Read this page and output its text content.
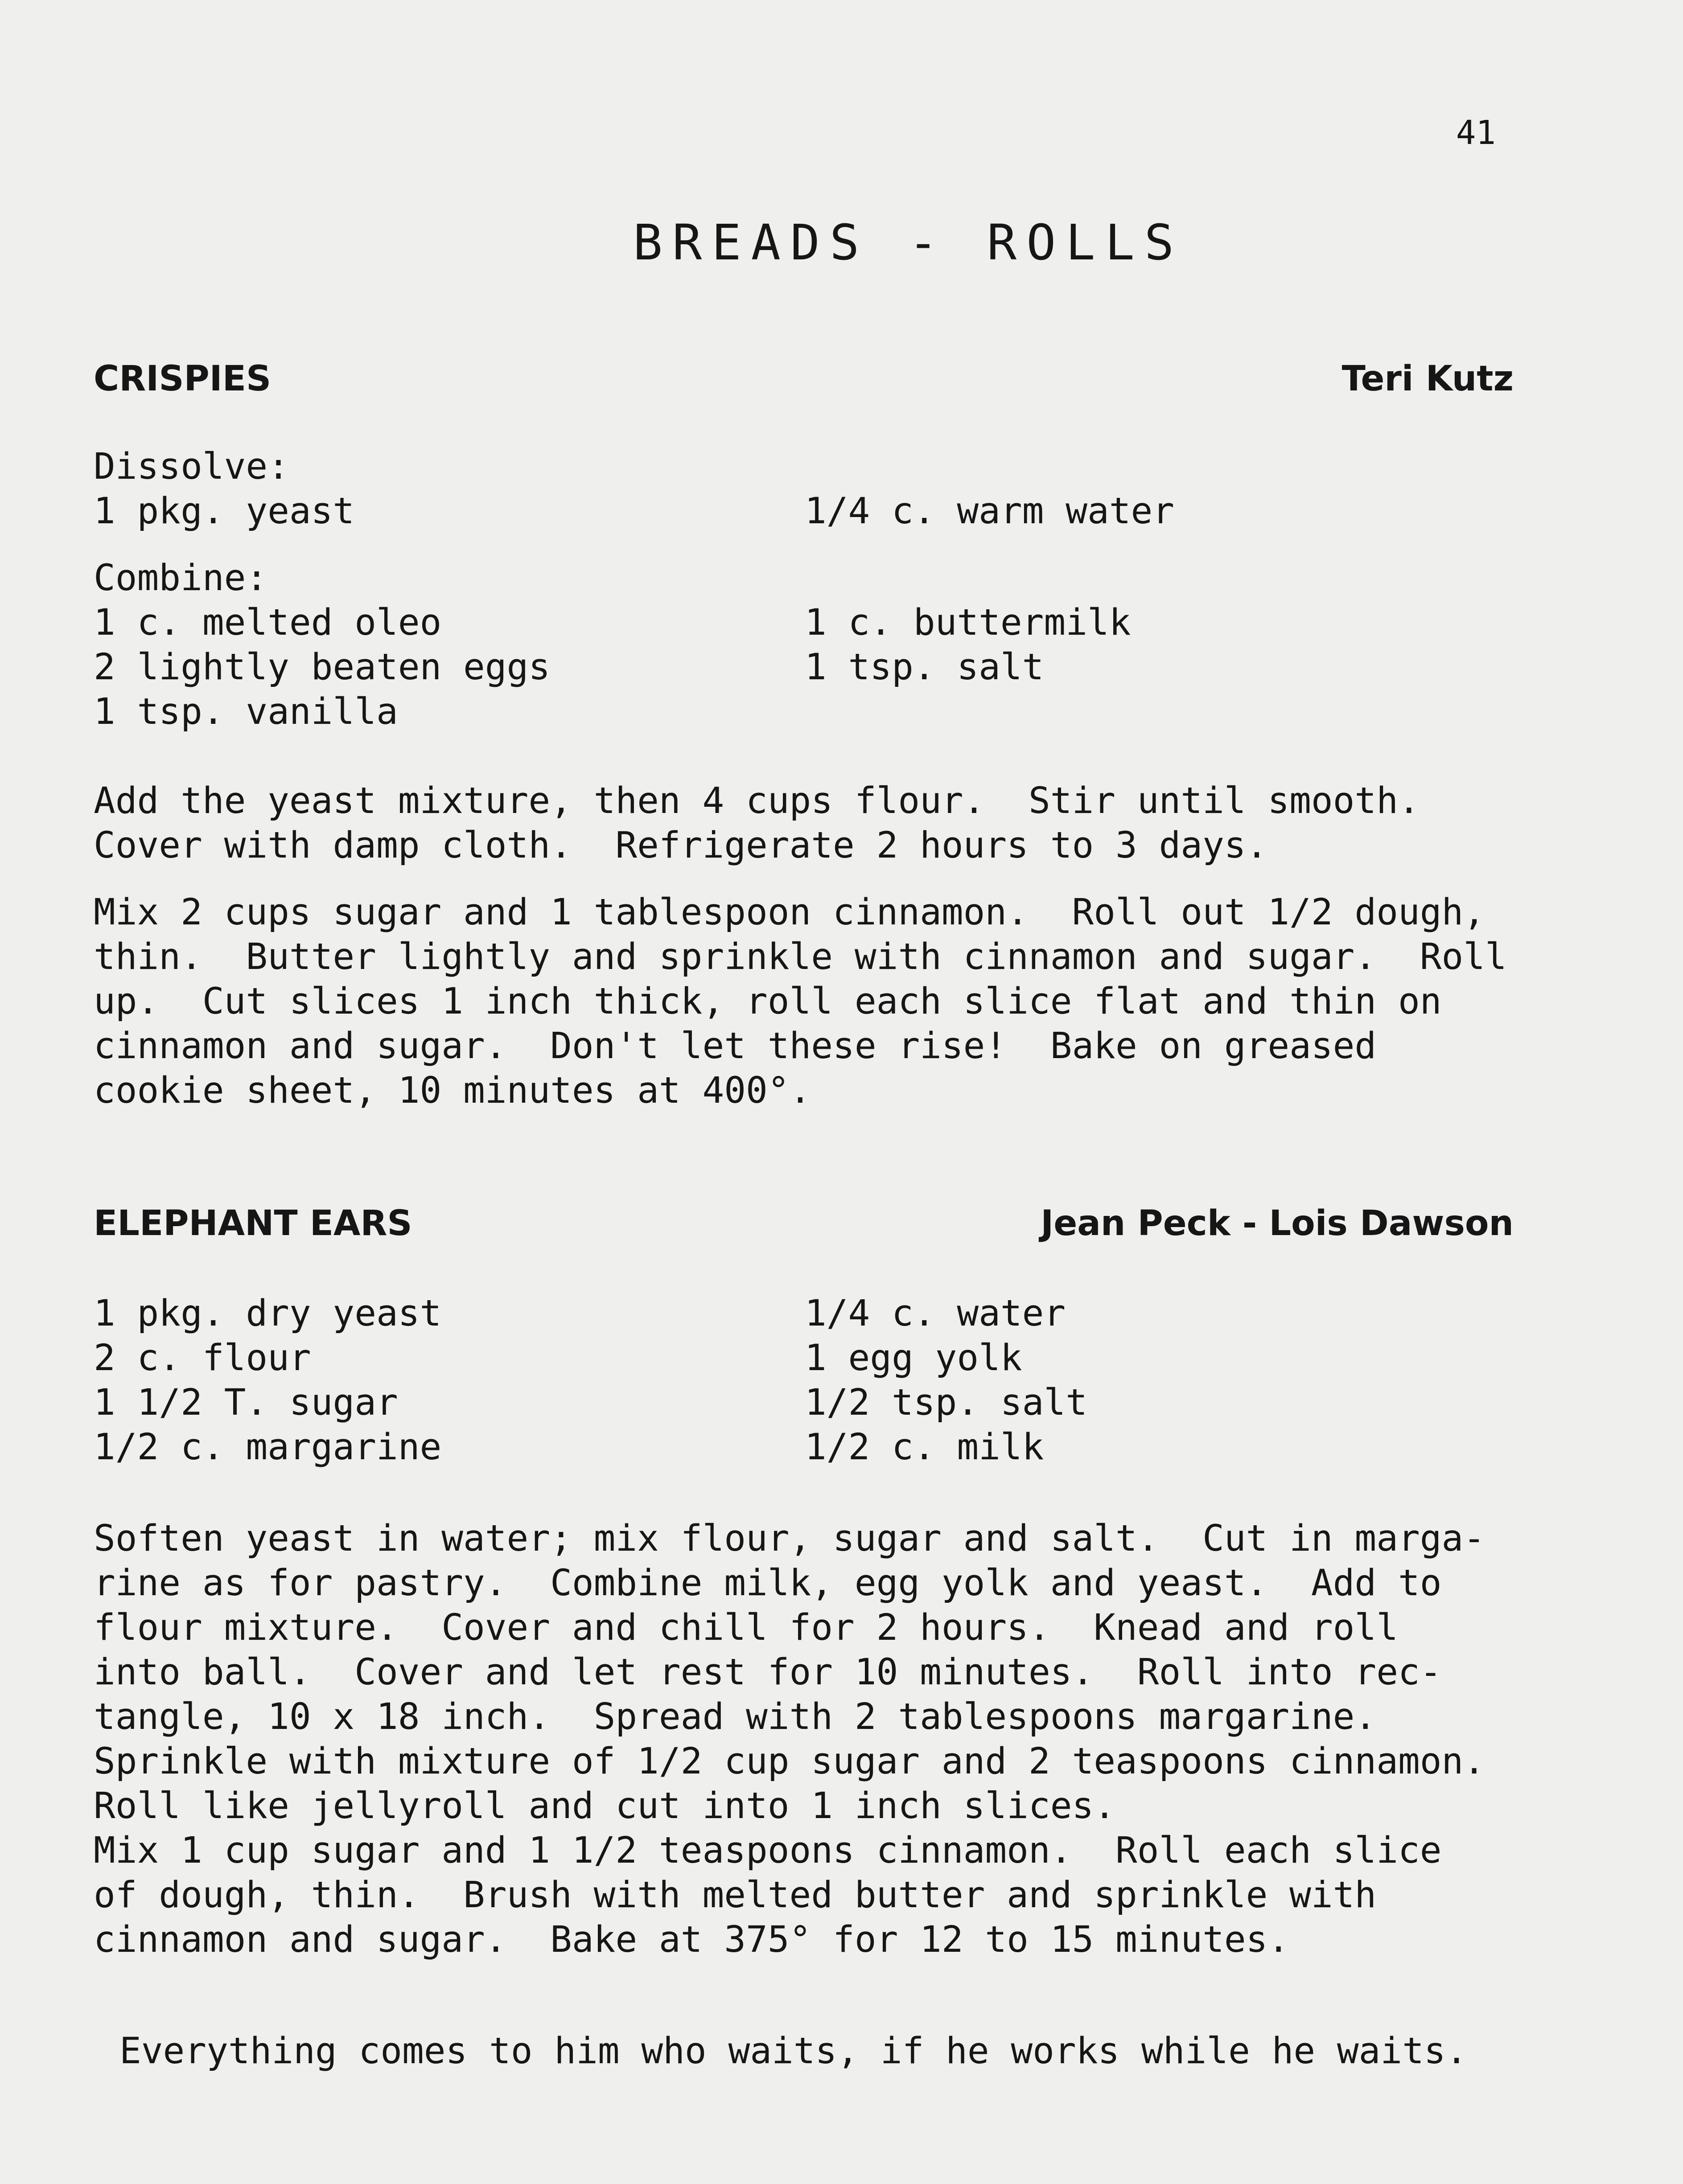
41
BREADS - ROLLS
CRISPIES	Teri Kutz
Dissolve:
1 pkg. yeast	1/4 c. warm water
Combine:
1 c. melted oleo	1 c. buttermilk
2 lightly beaten eggs	1 tsp. salt
1 tsp. vanilla
Add the yeast mixture, then 4 cups flour.  Stir until smooth.
Cover with damp cloth.  Refrigerate 2 hours to 3 days.
Mix 2 cups sugar and 1 tablespoon cinnamon.  Roll out 1/2 dough,
thin.  Butter lightly and sprinkle with cinnamon and sugar.  Roll
up.  Cut slices 1 inch thick, roll each slice flat and thin on
cinnamon and sugar.  Don't let these rise!  Bake on greased
cookie sheet, 10 minutes at 400°.
ELEPHANT EARS	Jean Peck - Lois Dawson
1 pkg. dry yeast	1/4 c. water
2 c. flour	1 egg yolk
1 1/2 T. sugar	1/2 tsp. salt
1/2 c. margarine	1/2 c. milk
Soften yeast in water; mix flour, sugar and salt.  Cut in marga-
rine as for pastry.  Combine milk, egg yolk and yeast.  Add to
flour mixture.  Cover and chill for 2 hours.  Knead and roll
into ball.  Cover and let rest for 10 minutes.  Roll into rec-
tangle, 10 x 18 inch.  Spread with 2 tablespoons margarine.
Sprinkle with mixture of 1/2 cup sugar and 2 teaspoons cinnamon.
Roll like jellyroll and cut into 1 inch slices.
Mix 1 cup sugar and 1 1/2 teaspoons cinnamon.  Roll each slice
of dough, thin.  Brush with melted butter and sprinkle with
cinnamon and sugar.  Bake at 375° for 12 to 15 minutes.
Everything comes to him who waits, if he works while he waits.
